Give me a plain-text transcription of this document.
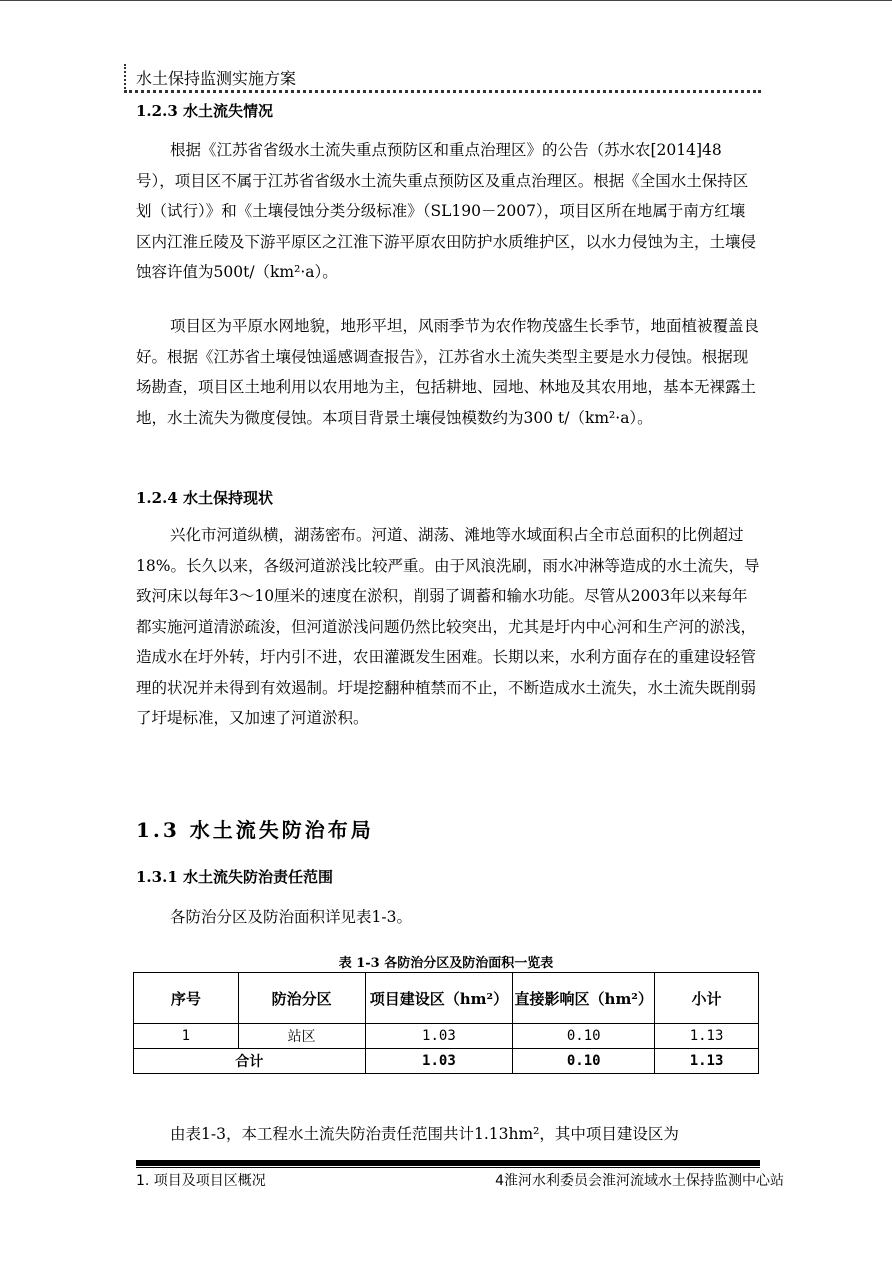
水土保持监测实施方案
1.2.3 水土流失情况

根据《江苏省省级水土流失重点预防区和重点治理区》的公告（苏水农[2014]48号），项目区不属于江苏省省级水土流失重点预防区及重点治理区。根据《全国水土保持区划（试行）》和《土壤侵蚀分类分级标准》（SL190－2007），项目区所在地属于南方红壤区内江淮丘陵及下游平原区之江淮下游平原农田防护水质维护区，以水力侵蚀为主，土壤侵蚀容许值为500t/（km²·a）。

项目区为平原水网地貌，地形平坦，风雨季节为农作物茂盛生长季节，地面植被覆盖良好。根据《江苏省土壤侵蚀遥感调查报告》，江苏省水土流失类型主要是水力侵蚀。根据现场勘查，项目区土地利用以农用地为主，包括耕地、园地、林地及其农用地，基本无裸露土地，水土流失为微度侵蚀。本项目背景土壤侵蚀模数约为300 t/（km²·a）。

1.2.4 水土保持现状

兴化市河道纵横，湖荡密布。河道、湖荡、滩地等水域面积占全市总面积的比例超过18%。长久以来，各级河道淤浅比较严重。由于风浪洗刷，雨水冲淋等造成的水土流失，导致河床以每年3～10厘米的速度在淤积，削弱了调蓄和输水功能。尽管从2003年以来每年都实施河道清淤疏浚，但河道淤浅问题仍然比较突出，尤其是圩内中心河和生产河的淤浅，造成水在圩外转，圩内引不进，农田灌溉发生困难。长期以来，水利方面存在的重建设轻管理的状况并未得到有效遏制。圩堤挖翻种植禁而不止，不断造成水土流失，水土流失既削弱了圩堤标准，又加速了河道淤积。

1.3 水土流失防治布局
1.3.1 水土流失防治责任范围
各防治分区及防治面积详见表1-3。
表 1-3 各防治分区及防治面积一览表
序号	防治分区	项目建设区（hm²）	直接影响区（hm²）	小计
1	站区	1.03	0.10	1.13
合计		1.03	0.10	1.13
由表1-3，本工程水土流失防治责任范围共计1.13hm²，其中项目建设区为
1. 项目及项目区概况	4淮河水利委员会淮河流域水土保持监测中心站
